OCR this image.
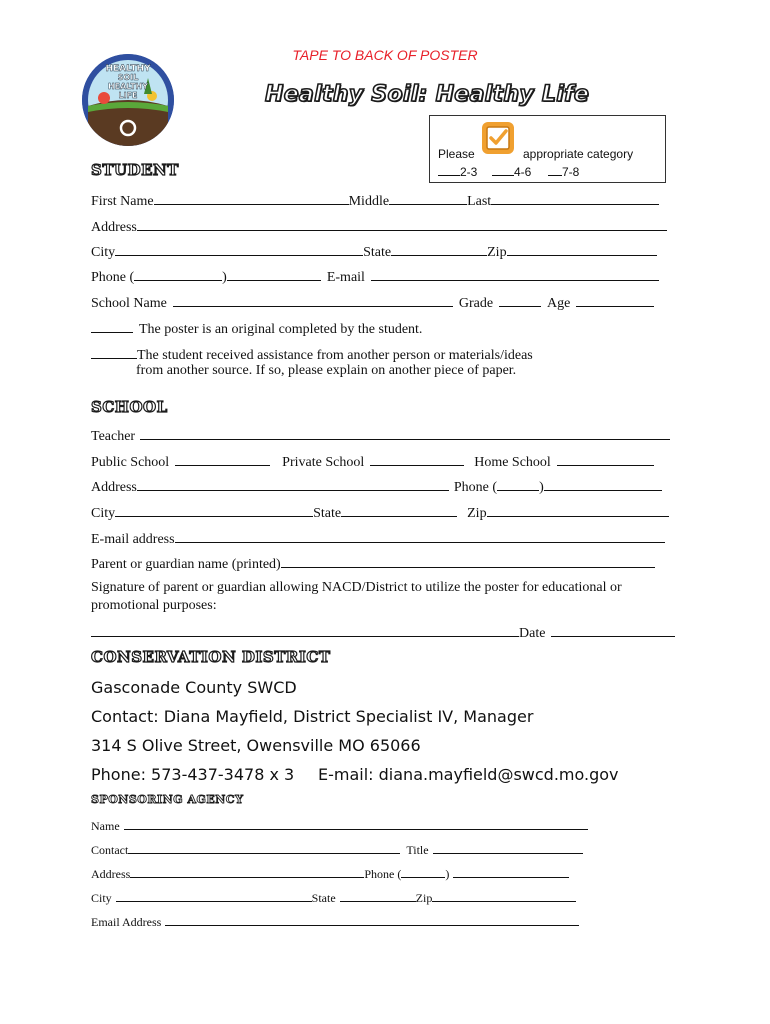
TAPE TO BACK OF POSTER
HEALTHY
SOIL
HEALTHY
LIFE	Healthy Soil: Healthy Life
Please	appropriate category
2-3	4-6	7-8
STUDENT
First Name	Middle	Last
Address
City	State	Zip
Phone (	)	E-mail
School Name	Grade	Age
The poster is an original completed by the student.
The student received assistance from another person or materials/ideas
from another source. If so, please explain on another piece of paper.
SCHOOL
Teacher
Public School	Private School	Home School
Address	Phone (	)
City	State	Zip
E-mail address
Parent or guardian name (printed)
Signature of parent or guardian allowing NACD/District to utilize the poster for educational or
promotional purposes:
Date
CONSERVATION DISTRICT
Gasconade County SWCD
Contact: Diana Mayfield, District Specialist IV, Manager
314 S Olive Street, Owensville MO 65066
Phone: 573-437-3478 x 3 E-mail: diana.mayfield@swcd.mo.gov
SPONSORING AGENCY
Name
Contact	Title
Address	Phone (	)
City	State	Zip
Email Address
